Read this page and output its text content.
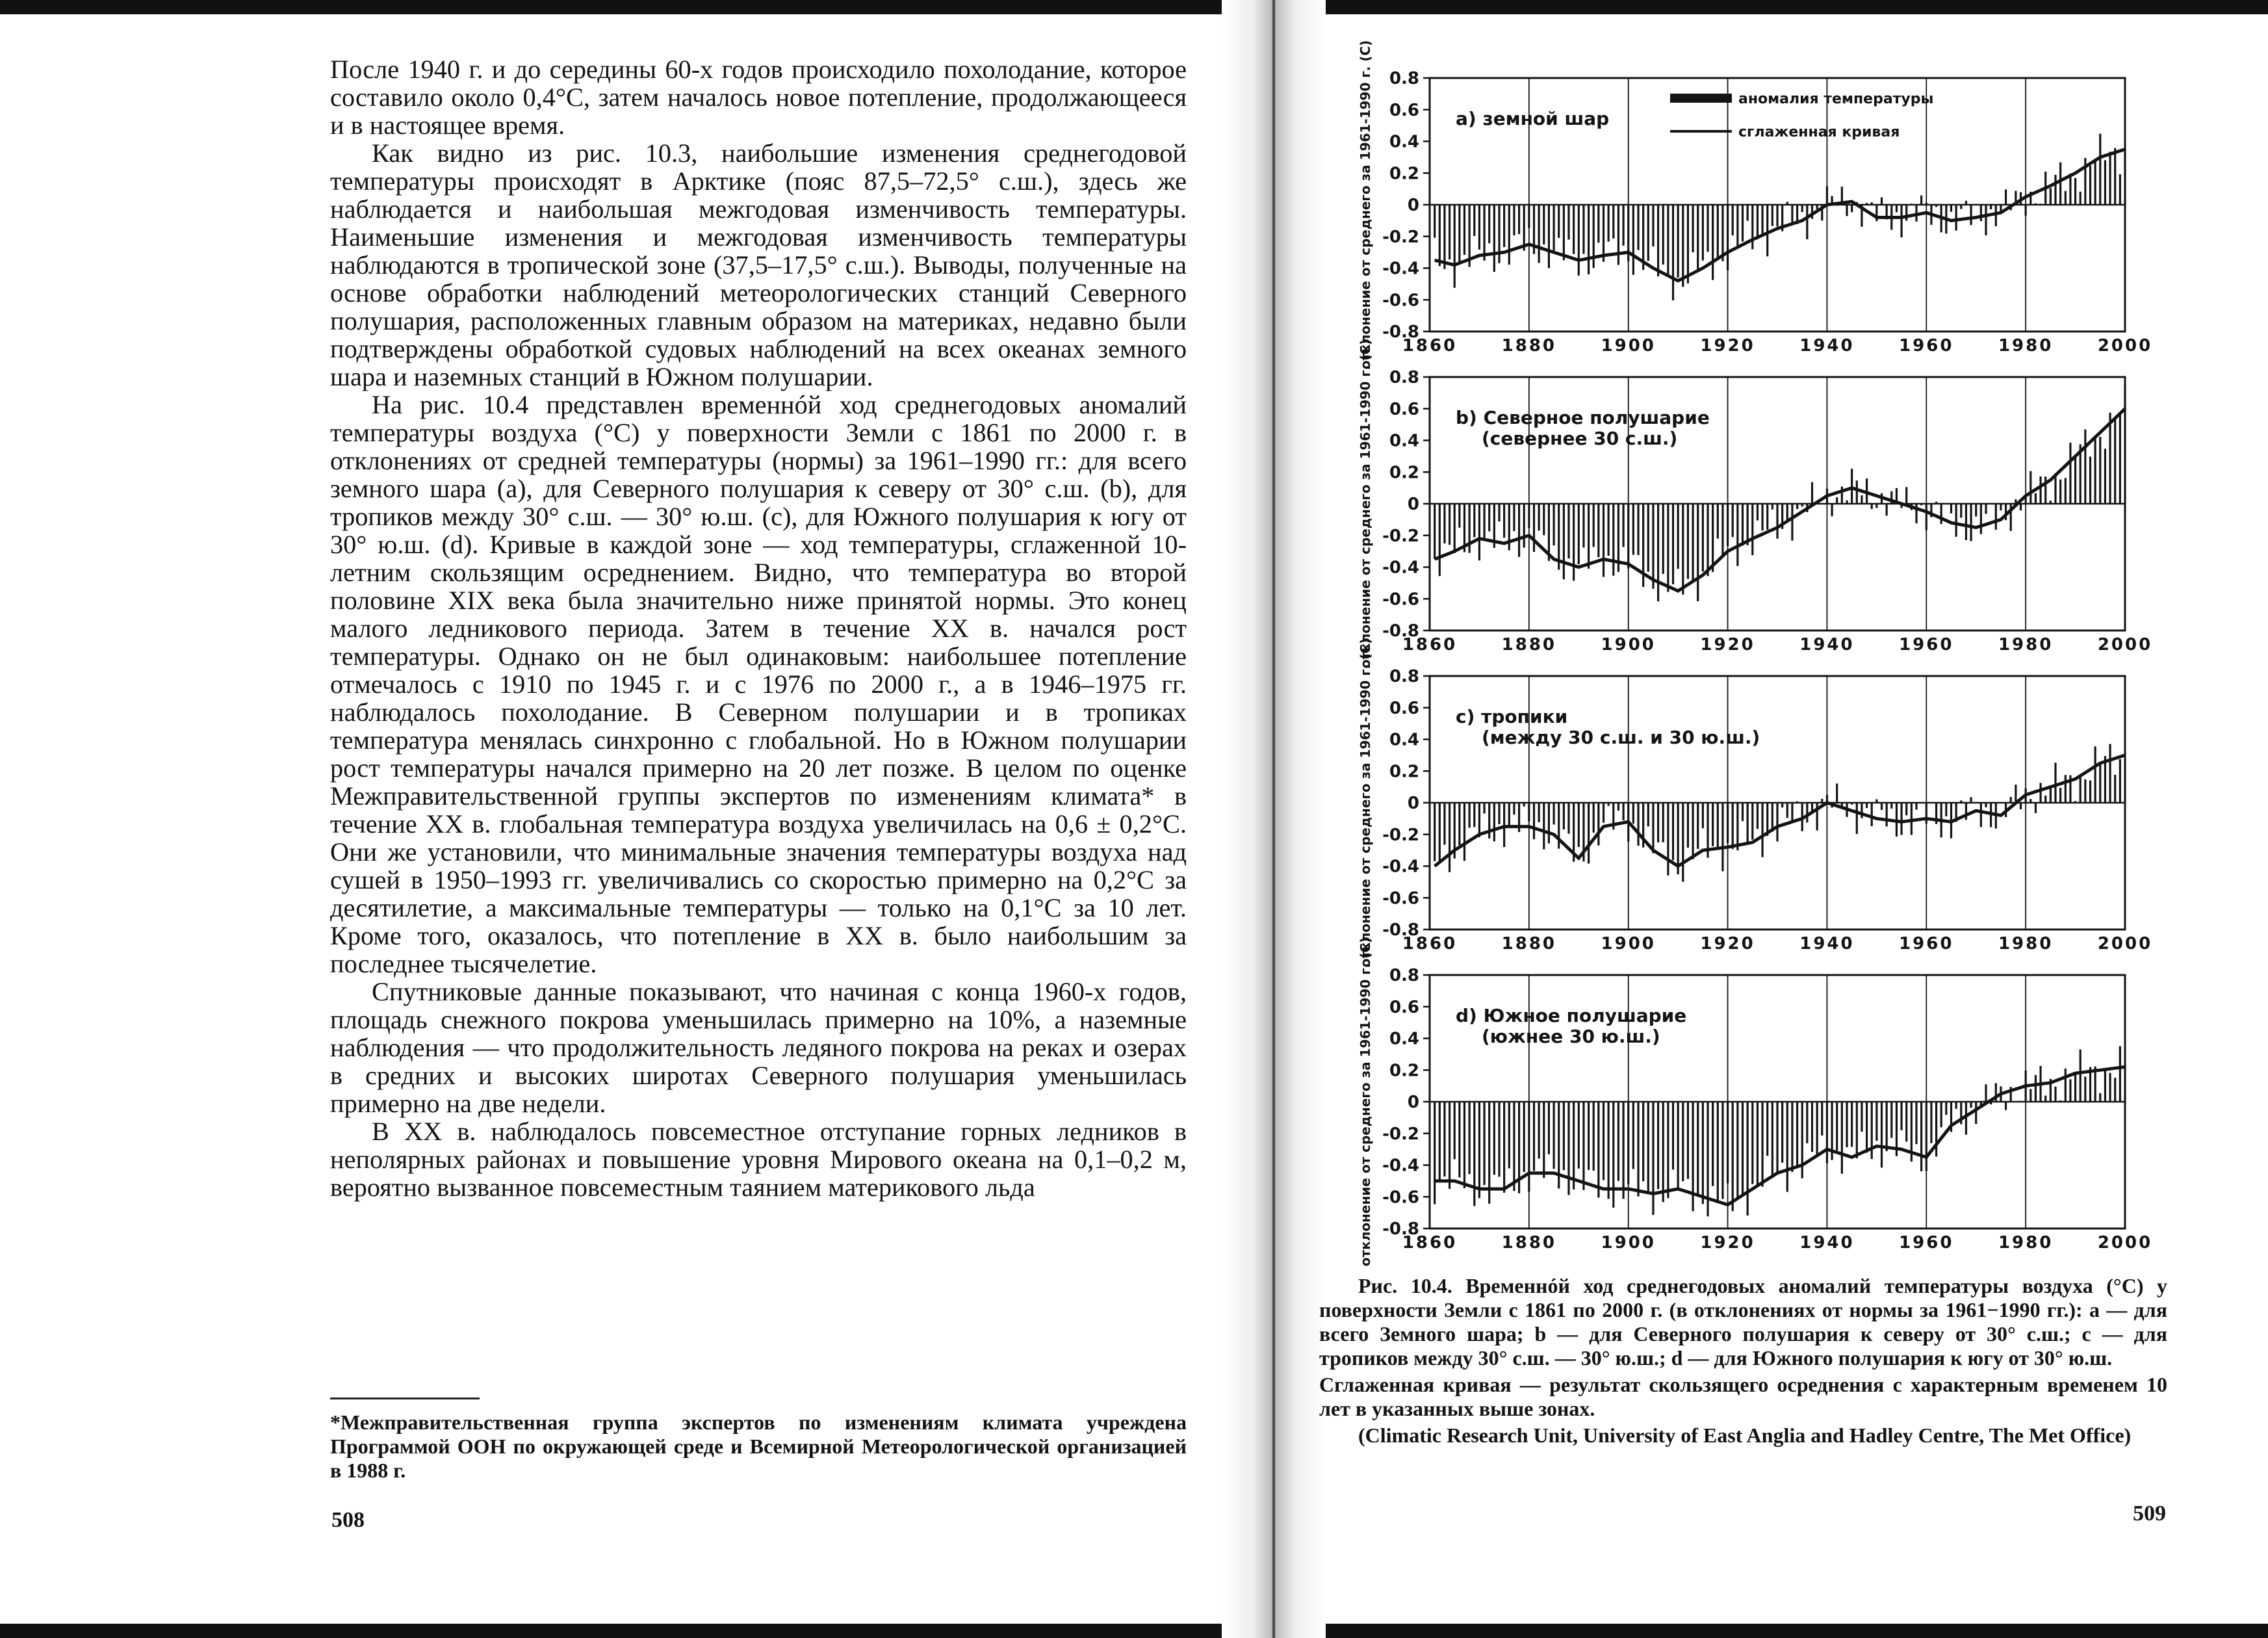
После 1940 г. и до середины 60-х годов происходило похолодание, которое составило около 0,4°С, затем началось новое потепление, продолжающееся и в настоящее время.

Как видно из рис. 10.3, наибольшие изменения среднегодовой температуры происходят в Арктике (пояс 87,5–72,5° с.ш.), здесь же наблюдается и наибольшая межгодовая изменчивость температуры. Наименьшие изменения и межгодовая изменчивость температуры наблюдаются в тропической зоне (37,5–17,5° с.ш.). Выводы, полученные на основе обработки наблюдений метеорологических станций Северного полушария, расположенных главным образом на материках, недавно были подтверждены обработкой судовых наблюдений на всех океанах земного шара и наземных станций в Южном полушарии.

На рис. 10.4 представлен временнóй ход среднегодовых аномалий температуры воздуха (°С) у поверхности Земли с 1861 по 2000 г. в отклонениях от средней температуры (нормы) за 1961–1990 гг.: для всего земного шара (a), для Северного полушария к северу от 30° с.ш. (b), для тропиков между 30° с.ш. — 30° ю.ш. (c), для Южного полушария к югу от 30° ю.ш. (d). Кривые в каждой зоне — ход температуры, сглаженной 10-летним скользящим осреднением. Видно, что температура во второй половине XIX века была значительно ниже принятой нормы. Это конец малого ледникового периода. Затем в течение XX в. начался рост температуры. Однако он не был одинаковым: наибольшее потепление отмечалось с 1910 по 1945 г. и с 1976 по 2000 г., а в 1946–1975 гг. наблюдалось похолодание. В Северном полушарии и в тропиках температура менялась синхронно с глобальной. Но в Южном полушарии рост температуры начался примерно на 20 лет позже. В целом по оценке Межправительственной группы экспертов по изменениям климата* в течение XX в. глобальная температура воздуха увеличилась на 0,6 ± 0,2°С. Они же установили, что минимальные значения температуры воздуха над сушей в 1950–1993 гг. увеличивались со скоростью примерно на 0,2°С за десятилетие, а максимальные температуры — только на 0,1°С за 10 лет. Кроме того, оказалось, что потепление в XX в. было наибольшим за последнее тысячелетие.

Спутниковые данные показывают, что начиная с конца 1960-х годов, площадь снежного покрова уменьшилась примерно на 10%, а наземные наблюдения — что продолжительность ледяного покрова на реках и озерах в средних и высоких широтах Северного полушария уменьшилась примерно на две недели.

В XX в. наблюдалось повсеместное отступание горных ледников в неполярных районах и повышение уровня Мирового океана на 0,1–0,2 м, вероятно вызванное повсеместным таянием материкового льда

*Межправительственная группа экспертов по изменениям климата учреждена Программой ООН по окружающей среде и Всемирной Метеорологической организацией в 1988 г.
508
0.8
0.6
0.4
0.2
0
-0.2
-0.4
-0.6
-0.8
1860	1880	1900	1920	1940	1960	1980	2000
a) земной шар
отклонение от среднего за 1961-1990 г. (С)	аномалия температуры
сглаженная кривая
0.8
0.6
0.4
0.2
0
-0.2
-0.4
-0.6
-0.8
1860	1880	1900	1920	1940	1960	1980	2000
b) Северное полушарие
(севернее 30 с.ш.)
отклонение от среднего за 1961-1990 г. (С)
0.8
0.6
0.4
0.2
0
-0.2
-0.4
-0.6
-0.8
1860	1880	1900	1920	1940	1960	1980	2000
c) тропики
(между 30 с.ш. и 30 ю.ш.)
отклонение от среднего за 1961-1990 г. (С)
0.8
0.6
0.4
0.2
0
-0.2
-0.4
-0.6
-0.8
1860	1880	1900	1920	1940	1960	1980	2000
d) Южное полушарие
(южнее 30 ю.ш.)
отклонение от среднего за 1961-1990 г. (С)

Рис. 10.4. Временнóй ход среднегодовых аномалий температуры воздуха (°С) у поверхности Земли с 1861 по 2000 г. (в отклонениях от нормы за 1961−1990 гг.): a — для всего Земного шара; b — для Северного полушария к северу от 30° с.ш.; c — для тропиков между 30° с.ш. — 30° ю.ш.; d — для Южного полушария к югу от 30° ю.ш.

Сглаженная кривая — результат скользящего осреднения с характерным временем 10 лет в указанных выше зонах.

(Climatic Research Unit, University of East Anglia and Hadley Centre, The Met Office)

509
